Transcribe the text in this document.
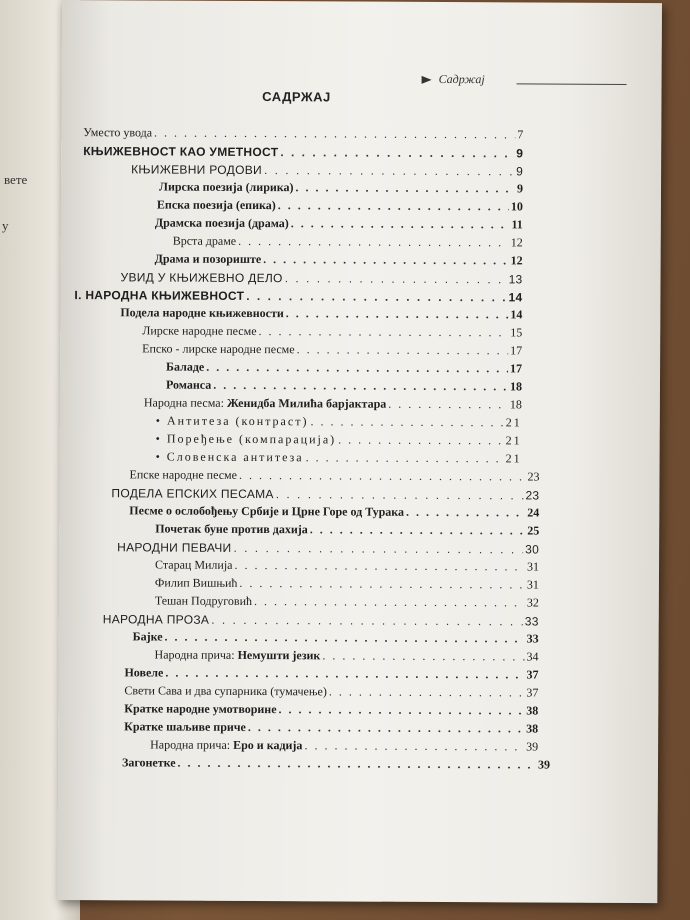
вете
у
Садржај
САДРЖАЈ
Уместо увода . . .	7
КЊИЖЕВНОСТ КАО УМЕТНОСТ . . .	9
КЊИЖЕВНИ РОДОВИ . . .	9
Лирска поезија (лирика) . . .	9
Епска поезија (епика) . . .	10
Драмска поезија (драма) . . .	11
Врста драме . . .	12
Драма и позориште . . .	12
УВИД У КЊИЖЕВНО ДЕЛО . . .	13
I. НАРОДНА КЊИЖЕВНОСТ . . .	14
Подела народне књижевности . . .	14
Лирске народне песме . . .	15
Епско - лирске народне песме . . .	17
Баладе . . .	17
Романса . . .	18
Народна песма: Женидба Милића барјактара . . .	18
• Антитеза (контраст) . . .	21
• Поређење (компарација) . . .	21
• Словенска антитеза . . .	21
Епске народне песме . . .	23
ПОДЕЛА ЕПСКИХ ПЕСАМА . . .	23
Песме о ослобођењу Србије и Црне Горе од Турака . . .	24
Почетак буне против дахија . . .	25
НАРОДНИ ПЕВАЧИ . . .	30
Старац Милија . . .	31
Филип Вишњић . . .	31
Тешан Подруговић . . .	32
НАРОДНА ПРОЗА . . .	33
Бајке . . .	33
Народна прича: Немушти језик . . .	34
Новеле . . .	37
Свети Сава и два супарника (тумачење) . . .	37
Кратке народне умотворине . . .	38
Кратке шаљиве приче . . .	38
Народна прича: Еро и кадија . . .	39
Загонетке . . .	39
